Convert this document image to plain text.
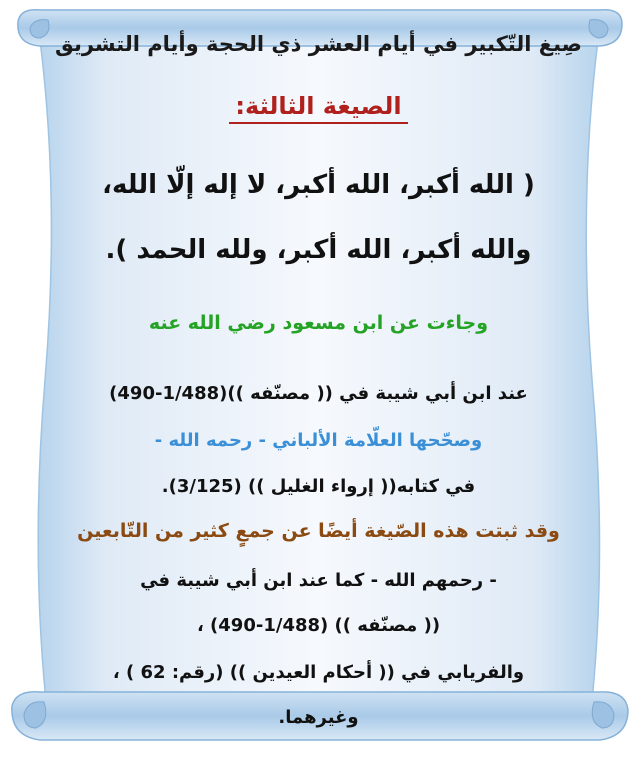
صِيغ التّكبير في أيام العشر ذي الحجة وأيام التشريق
الصيغة الثالثة:
( الله أكبر، الله أكبر، لا إله إلّا الله،
والله أكبر، الله أكبر، ولله الحمد ).
وجاءت عن ابن مسعود رضي الله عنه
عند ابن أبي شيبة في (( مصنّفه ))(1/488-490)
وصحّحها العلّامة الألباني - رحمه الله -
في كتابه(( إرواء الغليل )) (3/125).
وقد ثبتت هذه الصّيغة أيضًا عن جمعٍ كثير من التّابعين
- رحمهم الله - كما عند ابن أبي شيبة في
(( مصنّفه )) (1/488-490) ،
والفريابي في (( أحكام العيدين )) (رقم: 62 ) ،
وغيرهما.
